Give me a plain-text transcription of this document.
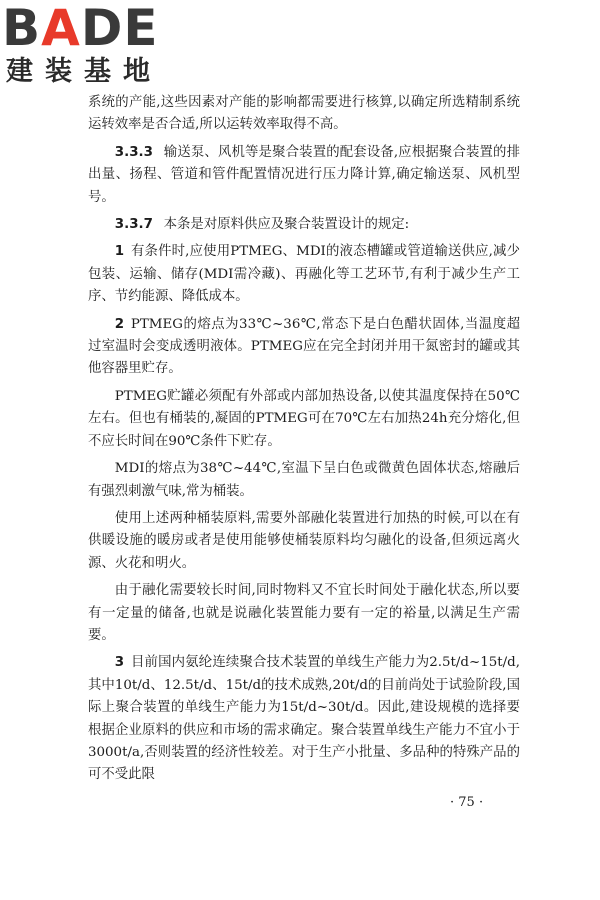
BADE
建装基地

系统的产能,这些因素对产能的影响都需要进行核算,以确定所选精制系统运转效率是否合适,所以运转效率取得不高。

3.3.3 输送泵、风机等是聚合装置的配套设备,应根据聚合装置的排出量、扬程、管道和管件配置情况进行压力降计算,确定输送泵、风机型号。

3.3.7 本条是对原料供应及聚合装置设计的规定:

1 有条件时,应使用PTMEG、MDI的液态槽罐或管道输送供应,减少包装、运输、储存(MDI需冷藏)、再融化等工艺环节,有利于减少生产工序、节约能源、降低成本。

2 PTMEG的熔点为33℃~36℃,常态下是白色醋状固体,当温度超过室温时会变成透明液体。PTMEG应在完全封闭并用干氮密封的罐或其他容器里贮存。

PTMEG贮罐必须配有外部或内部加热设备,以使其温度保持在50℃左右。但也有桶装的,凝固的PTMEG可在70℃左右加热24h充分熔化,但不应长时间在90℃条件下贮存。

MDI的熔点为38℃~44℃,室温下呈白色或微黄色固体状态,熔融后有强烈刺激气味,常为桶装。

使用上述两种桶装原料,需要外部融化装置进行加热的时候,可以在有供暖设施的暖房或者是使用能够使桶装原料均匀融化的设备,但须远离火源、火花和明火。

由于融化需要较长时间,同时物料又不宜长时间处于融化状态,所以要有一定量的储备,也就是说融化装置能力要有一定的裕量,以满足生产需要。

3 目前国内氨纶连续聚合技术装置的单线生产能力为2.5t/d~15t/d,其中10t/d、12.5t/d、15t/d的技术成熟,20t/d的目前尚处于试验阶段,国际上聚合装置的单线生产能力为15t/d~30t/d。因此,建设规模的选择要根据企业原料的供应和市场的需求确定。聚合装置单线生产能力不宜小于3000t/a,否则装置的经济性较差。对于生产小批量、多品种的特殊产品的可不受此限

· 75 ·
